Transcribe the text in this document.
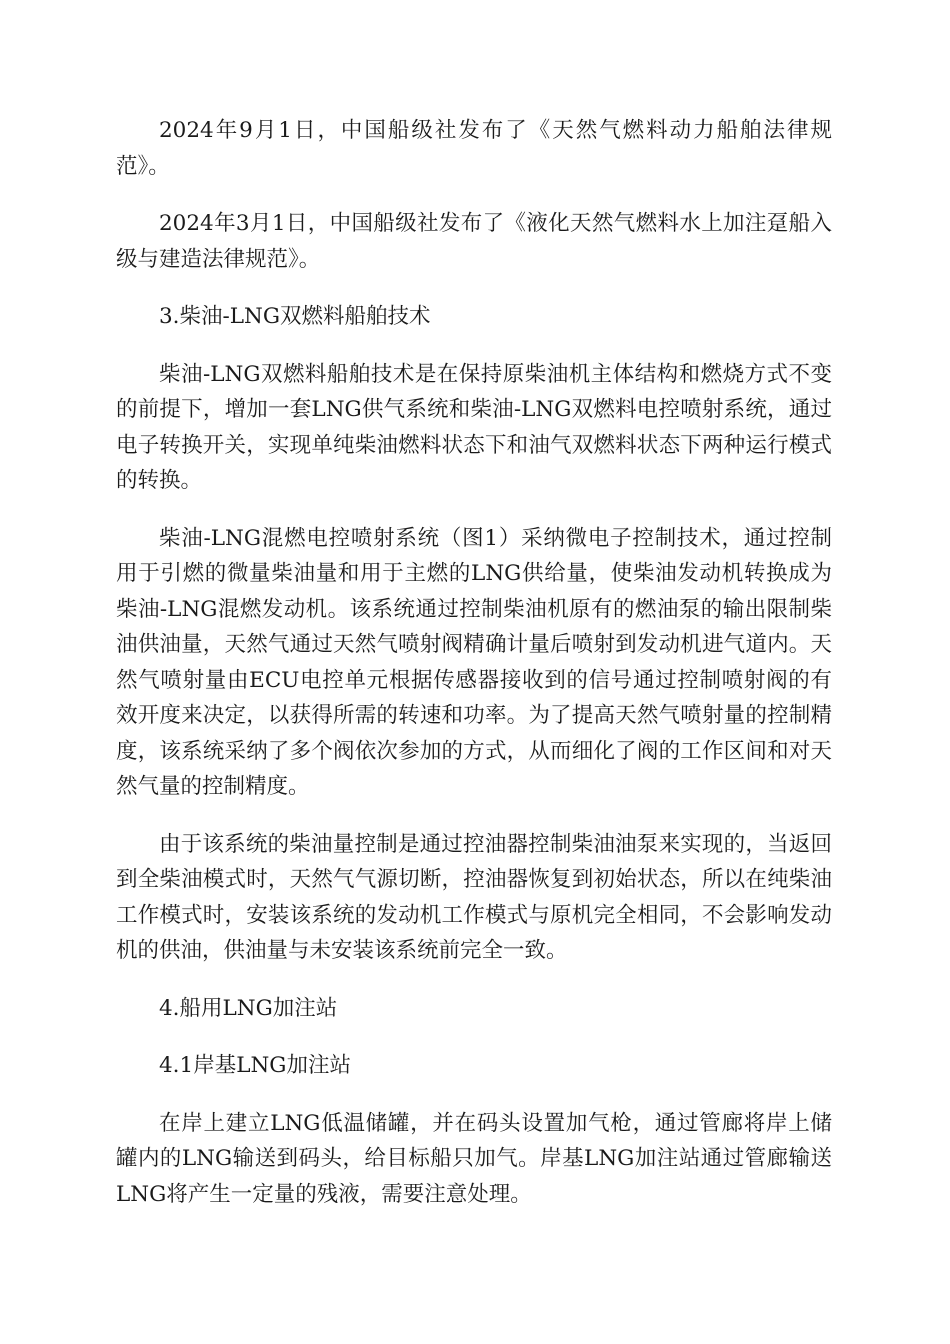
2024年9月1日，中国船级社发布了《天然气燃料动力船舶法律规范》。

2024年3月1日，中国船级社发布了《液化天然气燃料水上加注趸船入级与建造法律规范》。

3.柴油-LNG双燃料船舶技术

柴油-LNG双燃料船舶技术是在保持原柴油机主体结构和燃烧方式不变的前提下，增加一套LNG供气系统和柴油-LNG双燃料电控喷射系统，通过电子转换开关，实现单纯柴油燃料状态下和油气双燃料状态下两种运行模式的转换。

柴油-LNG混燃电控喷射系统（图1）采纳微电子控制技术，通过控制用于引燃的微量柴油量和用于主燃的LNG供给量，使柴油发动机转换成为柴油-LNG混燃发动机。该系统通过控制柴油机原有的燃油泵的输出限制柴油供油量，天然气通过天然气喷射阀精确计量后喷射到发动机进气道内。天然气喷射量由ECU电控单元根据传感器接收到的信号通过控制喷射阀的有效开度来决定，以获得所需的转速和功率。为了提高天然气喷射量的控制精度，该系统采纳了多个阀依次参加的方式，从而细化了阀的工作区间和对天然气量的控制精度。

由于该系统的柴油量控制是通过控油器控制柴油油泵来实现的，当返回到全柴油模式时，天然气气源切断，控油器恢复到初始状态，所以在纯柴油工作模式时，安装该系统的发动机工作模式与原机完全相同，不会影响发动机的供油，供油量与未安装该系统前完全一致。

4.船用LNG加注站

4.1岸基LNG加注站

在岸上建立LNG低温储罐，并在码头设置加气枪，通过管廊将岸上储罐内的LNG输送到码头，给目标船只加气。岸基LNG加注站通过管廊输送LNG将产生一定量的残液，需要注意处理。
